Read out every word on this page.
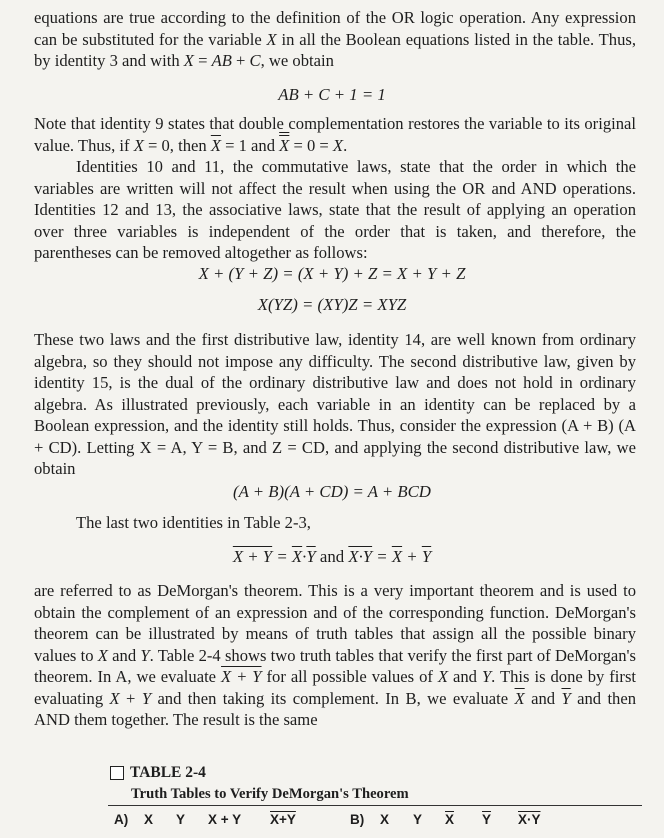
equations are true according to the definition of the OR logic operation. Any expression can be substituted for the variable X in all the Boolean equations listed in the table. Thus, by identity 3 and with X = AB + C, we obtain

AB + C + 1 = 1

Note that identity 9 states that double complementation restores the variable to its original value. Thus, if X = 0, then $\overline{X} = 1$ and X = 0 = X.
Identities 10 and 11, the commutative laws, state that the order in which the variables are written will not affect the result when using the OR and AND operations. Identities 12 and 13, the associative laws, state that the result of applying an operation over three variables is independent of the order that is taken, and therefore, the parentheses can be removed altogether as follows:

X + (Y + Z) = (X + Y) + Z = X + Y + Z
X(YZ) = (XY)Z = XYZ

These two laws and the first distributive law, identity 14, are well known from ordinary algebra, so they should not impose any difficulty. The second distributive law, given by identity 15, is the dual of the ordinary distributive law and does not hold in ordinary algebra. As illustrated previously, each variable in an identity can be replaced by a Boolean expression, and the identity still holds. Thus, consider the expression (A + B) (A + CD). Letting X = A, Y = B, and Z = CD, and applying the second distributive law, we obtain

(A + B)(A + CD) = A + BCD

The last two identities in Table 2-3,

$X + Y = \overline{X}\cdot\overline{Y}$ and $X\cdot Y = \overline{X} + \overline{Y}$

are referred to as DeMorgan's theorem. This is a very important theorem and is used to obtain the complement of an expression and of the corresponding function. DeMorgan's theorem can be illustrated by means of truth tables that assign all the possible binary values to X and Y. Table 2-4 shows two truth tables that verify the first part of DeMorgan's theorem. In A, we evaluate X + Y for all possible values of X and Y. This is done by first evaluating X + Y and then taking its complement. In B, we evaluate $\overline{X}$ and $\overline{Y}$ and then AND them together. The result is the same

TABLE 2-4
Truth Tables to Verify DeMorgan's Theorem
A) X Y X + Y X+Y	B) X Y $\overline{X}$ $\overline{Y}$ X·Y
